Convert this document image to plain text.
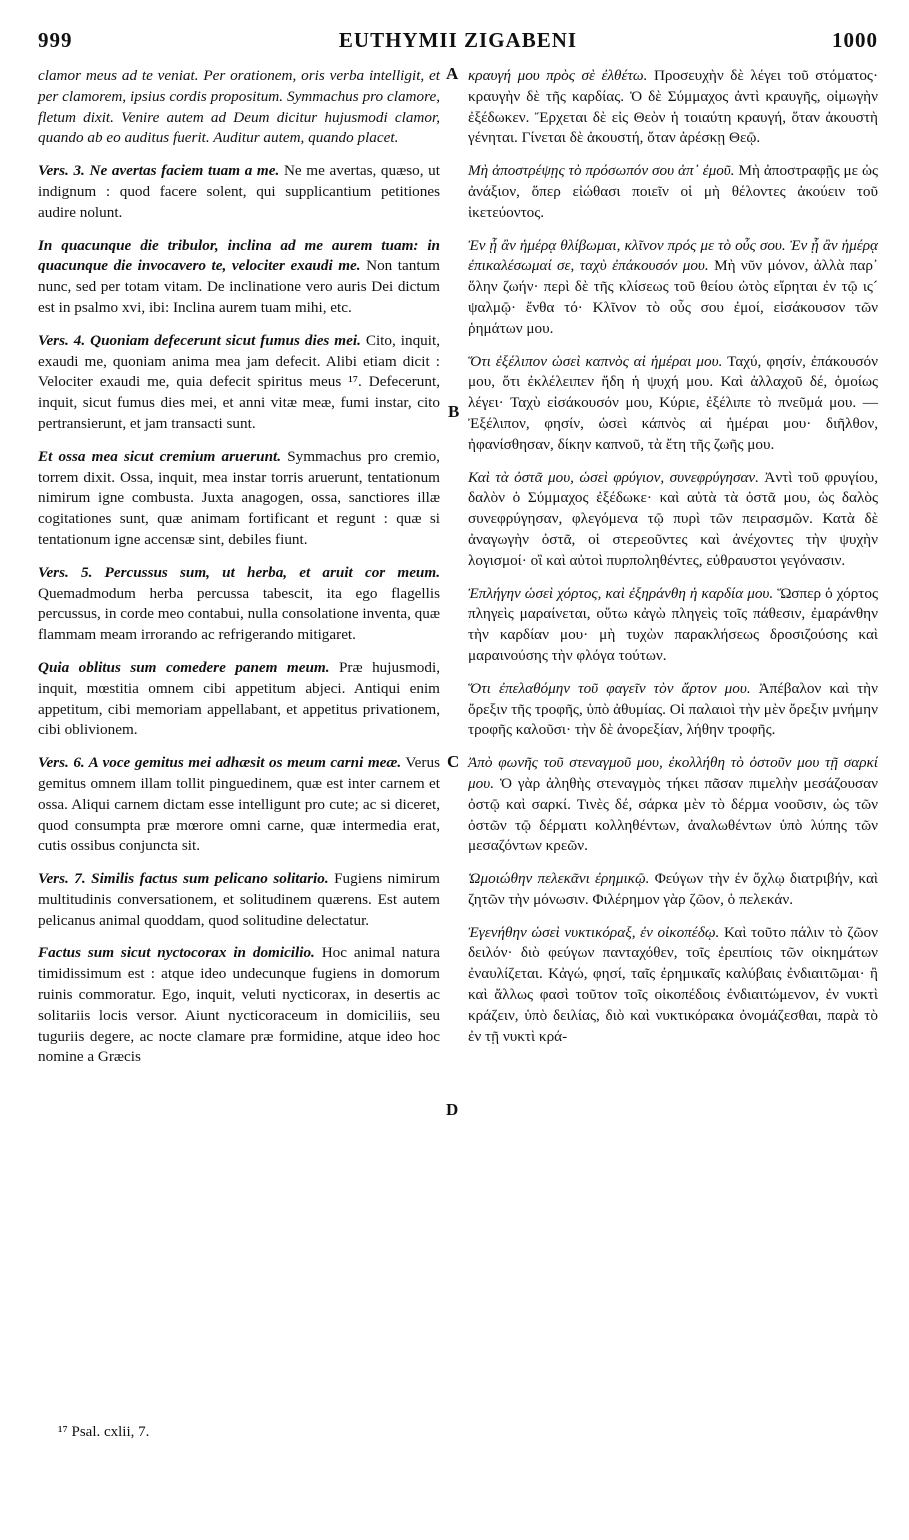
999	EUTHYMII ZIGABENI	1000

clamor meus ad te veniat. Per orationem, oris verba intelligit, et per clamorem, ipsius cordis propositum. Symmachus pro clamore, fletum dixit. Venire autem ad Deum dicitur hujusmodi clamor, quando ab eo auditus fuerit. Auditur autem, quando placet.

Vers. 3. Ne avertas faciem tuam a me. Ne me avertas, quæso, ut indignum : quod facere solent, qui supplicantium petitiones audire nolunt.

In quacunque die tribulor, inclina ad me aurem tuam: in quacunque die invocavero te, velociter exaudi me. Non tantum nunc, sed per totam vitam. De inclinatione vero auris Dei dictum est in psalmo xvi, ibi: Inclina aurem tuam mihi, etc.

Vers. 4. Quoniam defecerunt sicut fumus dies mei. Cito, inquit, exaudi me, quoniam anima mea jam defecit. Alibi etiam dicit : Velociter exaudi me, quia defecit spiritus meus ¹⁷. Defecerunt, inquit, sicut fumus dies mei, et anni vitæ meæ, fumi instar, cito pertransierunt, et jam transacti sunt.

Et ossa mea sicut cremium aruerunt. Symmachus pro cremio, torrem dixit. Ossa, inquit, mea instar torris aruerunt, tentationum nimirum igne combusta. Juxta anagogen, ossa, sanctiores illæ cogitationes sunt, quæ animam fortificant et regunt : quæ si tentationum igne accensæ sint, debiles fiunt.

Vers. 5. Percussus sum, ut herba, et aruit cor meum. Quemadmodum herba percussa tabescit, ita ego flagellis percussus, in corde meo contabui, nulla consolatione inventa, quæ flammam meam irrorando ac refrigerando mitigaret.

Quia oblitus sum comedere panem meum. Præ hujusmodi, inquit, mœstitia omnem cibi appetitum abjeci. Antiqui enim appetitum, cibi memoriam appellabant, et appetitus privationem, cibi oblivionem.

Vers. 6. A voce gemitus mei adhæsit os meum carni meæ. Verus gemitus omnem illam tollit pinguedinem, quæ est inter carnem et ossa. Aliqui carnem dictam esse intelligunt pro cute; ac si diceret, quod consumpta præ mœrore omni carne, quæ intermedia erat, cutis ossibus conjuncta sit.

Vers. 7. Similis factus sum pelicano solitario. Fugiens nimirum multitudinis conversationem, et solitudinem quærens. Est autem pelicanus animal quoddam, quod solitudine delectatur.

Factus sum sicut nyctocorax in domicilio. Hoc animal natura timidissimum est : atque ideo undecunque fugiens in domorum ruinis commoratur. Ego, inquit, veluti nycticorax, in desertis ac solitariis locis versor. Aiunt nycticoraceum in domiciliis, seu tuguriis degere, ac nocte clamare præ formidine, atque ideo hoc nomine a Græcis

A
B
C
D

κραυγή μου πρὸς σὲ ἐλθέτω. Προσευχὴν δὲ λέγει τοῦ στόματος· κραυγὴν δὲ τῆς καρδίας. Ὁ δὲ Σύμμαχος ἀντὶ κραυγῆς, οἰμωγὴν ἐξέδωκεν. Ἔρχεται δὲ εἰς Θεὸν ἡ τοιαύτη κραυγή, ὅταν ἀκουστὴ γένηται. Γίνεται δὲ ἀκουστή, ὅταν ἀρέσκῃ Θεῷ.

Μὴ ἀποστρέψῃς τὸ πρόσωπόν σου ἀπ᾽ ἐμοῦ. Μὴ ἀποστραφῇς με ὡς ἀνάξιον, ὅπερ εἰώθασι ποιεῖν οἱ μὴ θέλοντες ἀκούειν τοῦ ἱκετεύοντος.

Ἐν ᾗ ἂν ἡμέρᾳ θλίβωμαι, κλῖνον πρός με τὸ οὖς σου. Ἐν ᾗ ἂν ἡμέρᾳ ἐπικαλέσωμαί σε, ταχὺ ἐπάκουσόν μου. Μὴ νῦν μόνον, ἀλλὰ παρ᾽ ὅλην ζωήν· περὶ δὲ τῆς κλίσεως τοῦ θείου ὠτὸς εἴρηται ἐν τῷ ις´ ψαλμῷ· ἔνθα τό· Κλῖνον τὸ οὖς σου ἐμοί, εἰσάκουσον τῶν ῥημάτων μου.

Ὅτι ἐξέλιπον ὡσεὶ καπνὸς αἱ ἡμέραι μου. Ταχύ, φησίν, ἐπάκουσόν μου, ὅτι ἐκλέλειπεν ἤδη ἡ ψυχή μου. Καὶ ἀλλαχοῦ δέ, ὁμοίως λέγει· Ταχὺ εἰσάκουσόν μου, Κύριε, ἐξέλιπε τὸ πνεῦμά μου. — Ἐξέλιπον, φησίν, ὡσεὶ κάπνὸς αἱ ἡμέραι μου· διῆλθον, ἠφανίσθησαν, δίκην καπνοῦ, τὰ ἔτη τῆς ζωῆς μου.

Καὶ τὰ ὀστᾶ μου, ὡσεὶ φρύγιον, συνεφρύγησαν. Ἀντὶ τοῦ φρυγίου, δαλὸν ὁ Σύμμαχος ἐξέδωκε· καὶ αὐτὰ τὰ ὀστᾶ μου, ὡς δαλὸς συνεφρύγησαν, φλεγόμενα τῷ πυρὶ τῶν πειρασμῶν. Κατὰ δὲ ἀναγωγὴν ὀστᾶ, οἱ στερεοῦντες καὶ ἀνέχοντες τὴν ψυχὴν λογισμοί· οἳ καὶ αὐτοὶ πυρποληθέντες, εὐθραυστοι γεγόνασιν.

Ἐπλήγην ὡσεὶ χόρτος, καὶ ἐξηράνθη ἡ καρδία μου. Ὥσπερ ὁ χόρτος πληγεὶς μαραίνεται, οὕτω κἀγὼ πληγεὶς τοῖς πάθεσιν, ἐμαράνθην τὴν καρδίαν μου· μὴ τυχὼν παρακλήσεως δροσιζούσης καὶ μαραινούσης τὴν φλόγα τούτων.

Ὅτι ἐπελαθόμην τοῦ φαγεῖν τὸν ἄρτον μου. Ἀπέβαλον καὶ τὴν ὄρεξιν τῆς τροφῆς, ὑπὸ ἀθυμίας. Οἱ παλαιοὶ τὴν μὲν ὄρεξιν μνήμην τροφῆς καλοῦσι· τὴν δὲ ἀνορεξίαν, λήθην τροφῆς.

Ἀπὸ φωνῆς τοῦ στεναγμοῦ μου, ἐκολλήθη τὸ ὀστοῦν μου τῇ σαρκί μου. Ὁ γὰρ ἀληθὴς στεναγμὸς τήκει πᾶσαν πιμελὴν μεσάζουσαν ὀστῷ καὶ σαρκί. Τινὲς δέ, σάρκα μὲν τὸ δέρμα νοοῦσιν, ὡς τῶν ὀστῶν τῷ δέρματι κολληθέντων, ἀναλωθέντων ὑπὸ λύπης τῶν μεσαζόντων κρεῶν.

Ὡμοιώθην πελεκᾶνι ἐρημικῷ. Φεύγων τὴν ἐν ὄχλῳ διατριβήν, καὶ ζητῶν τὴν μόνωσιν. Φιλέρημον γὰρ ζῶον, ὁ πελεκάν.

Ἐγενήθην ὡσεὶ νυκτικόραξ, ἐν οἰκοπέδῳ. Καὶ τοῦτο πάλιν τὸ ζῶον δειλόν· διὸ φεύγων πανταχόθεν, τοῖς ἐρειπίοις τῶν οἰκημάτων ἐναυλίζεται. Κἀγώ, φησί, ταῖς ἐρημικαῖς καλύβαις ἐνδιαιτῶμαι· ἢ καὶ ἄλλως φασὶ τοῦτον τοῖς οἰκοπέδοις ἐνδιαιτώμενον, ἐν νυκτὶ κράζειν, ὑπὸ δειλίας, διὸ καὶ νυκτικόρακα ὀνομάζεσθαι, παρὰ τὸ ἐν τῇ νυκτὶ κρά-

¹⁷ Psal. cxlii, 7.
